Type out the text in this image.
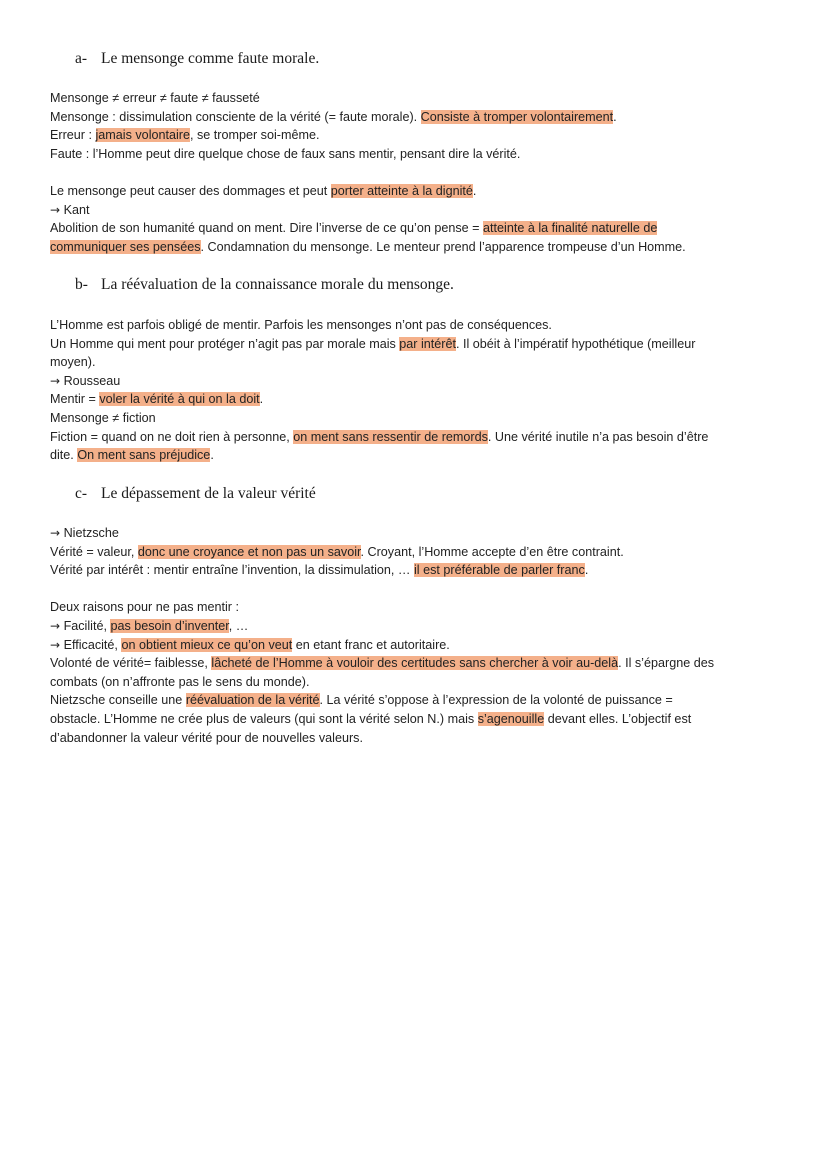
a- Le mensonge comme faute morale.
Mensonge ≠ erreur ≠ faute ≠ fausseté
Mensonge : dissimulation consciente de la vérité (= faute morale). Consiste à tromper volontairement.
Erreur : jamais volontaire, se tromper soi-même.
Faute : l’Homme peut dire quelque chose de faux sans mentir, pensant dire la vérité.
Le mensonge peut causer des dommages et peut porter atteinte à la dignité.
→ Kant
Abolition de son humanité quand on ment. Dire l’inverse de ce qu’on pense = atteinte à la finalité naturelle de
communiquer ses pensées. Condamnation du mensonge. Le menteur prend l’apparence trompeuse d’un Homme.
b- La réévaluation de la connaissance morale du mensonge.
L’Homme est parfois obligé de mentir. Parfois les mensonges n’ont pas de conséquences.
Un Homme qui ment pour protéger n’agit pas par morale mais par intérêt. Il obéit à l’impératif hypothétique (meilleur
moyen).
→ Rousseau
Mentir = voler la vérité à qui on la doit.
Mensonge ≠ fiction
Fiction = quand on ne doit rien à personne, on ment sans ressentir de remords. Une vérité inutile n’a pas besoin d’être
dite. On ment sans préjudice.
c- Le dépassement de la valeur vérité
→ Nietzsche
Vérité = valeur, donc une croyance et non pas un savoir. Croyant, l’Homme accepte d’en être contraint.
Vérité par intérêt : mentir entraîne l’invention, la dissimulation, … il est préférable de parler franc.
Deux raisons pour ne pas mentir :
→ Facilité, pas besoin d’inventer, …
→ Efficacité, on obtient mieux ce qu’on veut en etant franc et autoritaire.
Volonté de vérité= faiblesse, lâcheté de l’Homme à vouloir des certitudes sans chercher à voir au-delà. Il s’épargne des
combats (on n’affronte pas le sens du monde).
Nietzsche conseille une réévaluation de la vérité. La vérité s’oppose à l’expression de la volonté de puissance =
obstacle. L’Homme ne crée plus de valeurs (qui sont la vérité selon N.) mais s’agenouille devant elles. L’objectif est
d’abandonner la valeur vérité pour de nouvelles valeurs.
